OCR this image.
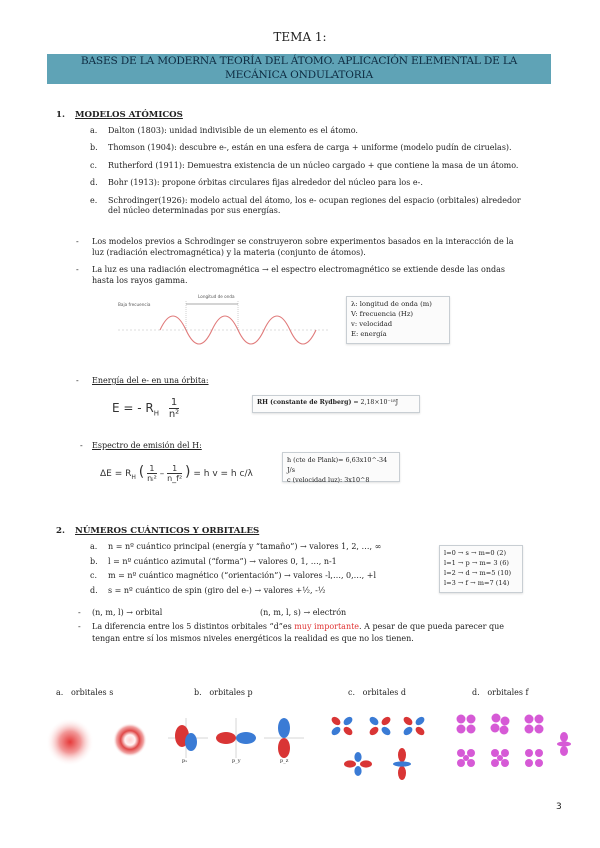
TEMA 1:
BASES DE LA MODERNA TEORÍA DEL ÁTOMO. APLICACIÓN ELEMENTAL DE LA
MECÁNICA ONDULATORIA
1. MODELOS ATÓMICOS
a. Dalton (1803): unidad indivisible de un elemento es el átomo.
b. Thomson (1904): descubre e-, están en una esfera de carga + uniforme (modelo pudín de ciruelas).
c. Rutherford (1911): Demuestra existencia de un núcleo cargado + que contiene la masa de un átomo.
d. Bohr (1913): propone órbitas circulares fijas alrededor del núcleo para los e-.
e. Schrodinger(1926): modelo actual del átomo, los e- ocupan regiones del espacio (orbitales) alrededor
del núcleo determinadas por sus energías.
- Los modelos previos a Schrodinger se construyeron sobre experimentos basados en la interacción de la
luz (radiación electromagnética) y la materia (conjunto de átomos).
- La luz es una radiación electromagnética → el espectro electromagnético se extiende desde las ondas
hasta los rayos gamma.
Baja frecuencia
Longitud de onda
λ: longitud de onda (m)
V: frecuencia (Hz)
v: velocidad
E: energía
- Energía del e- en una órbita:
E = - $R_H \frac{1}{\text{n²}}$	RH (constante de Rydberg) = 2,18×10⁻¹⁸J
- Espectro de emisión del H:
$\Delta E = R_H$ ( $\frac{1}{\text{nᵢ²}} - \frac{1}{\text{n\_f²}}$ ) = h v = h c/λ
h (cte de Plank)= 6,63x10^-34 J/s
c (velocidad luz): 3x10^8
2. NÚMEROS CUÁNTICOS Y ORBITALES
a. n = nº cuántico principal (energía y “tamaño”) → valores 1, 2, …, ∞
b. l = nº cuántico azimutal (“forma”) → valores 0, 1, …, n-1
c. m = nº cuántico magnético (“orientación”) → valores -l,…, 0,…, +l
d. s = nº cuántico de spin (giro del e-) → valores +½, -½
l=0 → s → m=0 (2)
l=1 → p → m= 3 (6)
l=2 → d → m=5 (10)
l=3 → f → m=7 (14)
- (n, m, l) → orbital	(n, m, l, s) → electrón
- La diferencia entre los 5 distintos orbitales “d”es muy importante. A pesar de que pueda parecer que
tengan entre sí los mismos niveles energéticos la realidad es que no los tienen.
a. orbitales s	b. orbitales p	c. orbitales d	d. orbitales f
pₓ	p_y	p_z
3
